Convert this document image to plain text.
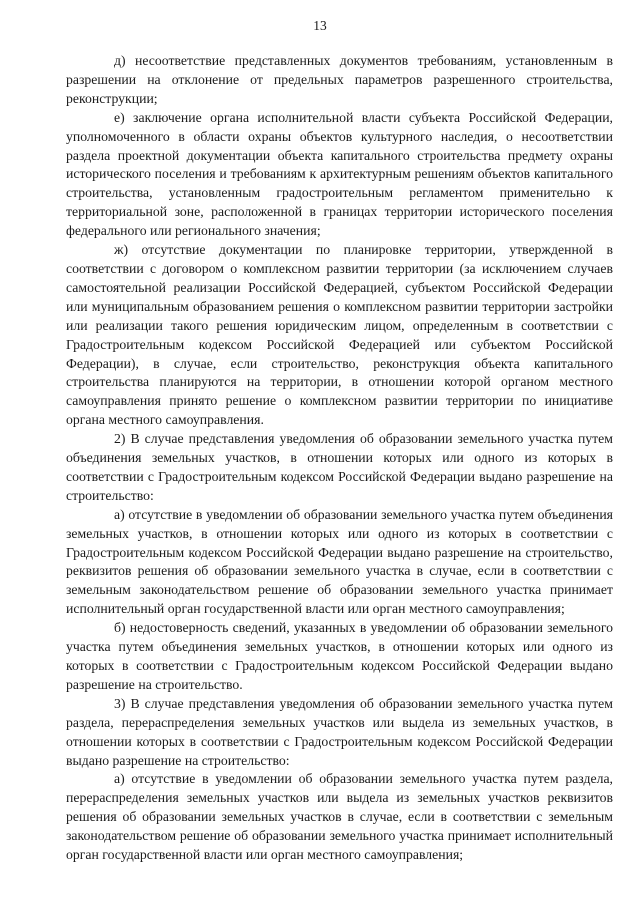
13

д) несоответствие представленных документов требованиям, установленным в разрешении на отклонение от предельных параметров разрешенного строительства, реконструкции;

е) заключение органа исполнительной власти субъекта Российской Федерации, уполномоченного в области охраны объектов культурного наследия, о несоответствии раздела проектной документации объекта капитального строительства предмету охраны исторического поселения и требованиям к архитектурным решениям объектов капитального строительства, установленным градостроительным регламентом применительно к территориальной зоне, расположенной в границах территории исторического поселения федерального или регионального значения;

ж) отсутствие документации по планировке территории, утвержденной в соответствии с договором о комплексном развитии территории (за исключением случаев самостоятельной реализации Российской Федерацией, субъектом Российской Федерации или муниципальным образованием решения о комплексном развитии территории застройки или реализации такого решения юридическим лицом, определенным в соответствии с Градостроительным кодексом Российской Федерацией или субъектом Российской Федерации), в случае, если строительство, реконструкция объекта капитального строительства планируются на территории, в отношении которой органом местного самоуправления принято решение о комплексном развитии территории по инициативе органа местного самоуправления.

2) В случае представления уведомления об образовании земельного участка путем объединения земельных участков, в отношении которых или одного из которых в соответствии с Градостроительным кодексом Российской Федерации выдано разрешение на строительство:

а) отсутствие в уведомлении об образовании земельного участка путем объединения земельных участков, в отношении которых или одного из которых в соответствии с Градостроительным кодексом Российской Федерации выдано разрешение на строительство, реквизитов решения об образовании земельного участка в случае, если в соответствии с земельным законодательством решение об образовании земельного участка принимает исполнительный орган государственной власти или орган местного самоуправления;

б) недостоверность сведений, указанных в уведомлении об образовании земельного участка путем объединения земельных участков, в отношении которых или одного из которых в соответствии с Градостроительным кодексом Российской Федерации выдано разрешение на строительство.

3) В случае представления уведомления об образовании земельного участка путем раздела, перераспределения земельных участков или выдела из земельных участков, в отношении которых в соответствии с Градостроительным кодексом Российской Федерации выдано разрешение на строительство:

а) отсутствие в уведомлении об образовании земельного участка путем раздела, перераспределения земельных участков или выдела из земельных участков реквизитов решения об образовании земельных участков в случае, если в соответствии с земельным законодательством решение об образовании земельного участка принимает исполнительный орган государственной власти или орган местного самоуправления;
